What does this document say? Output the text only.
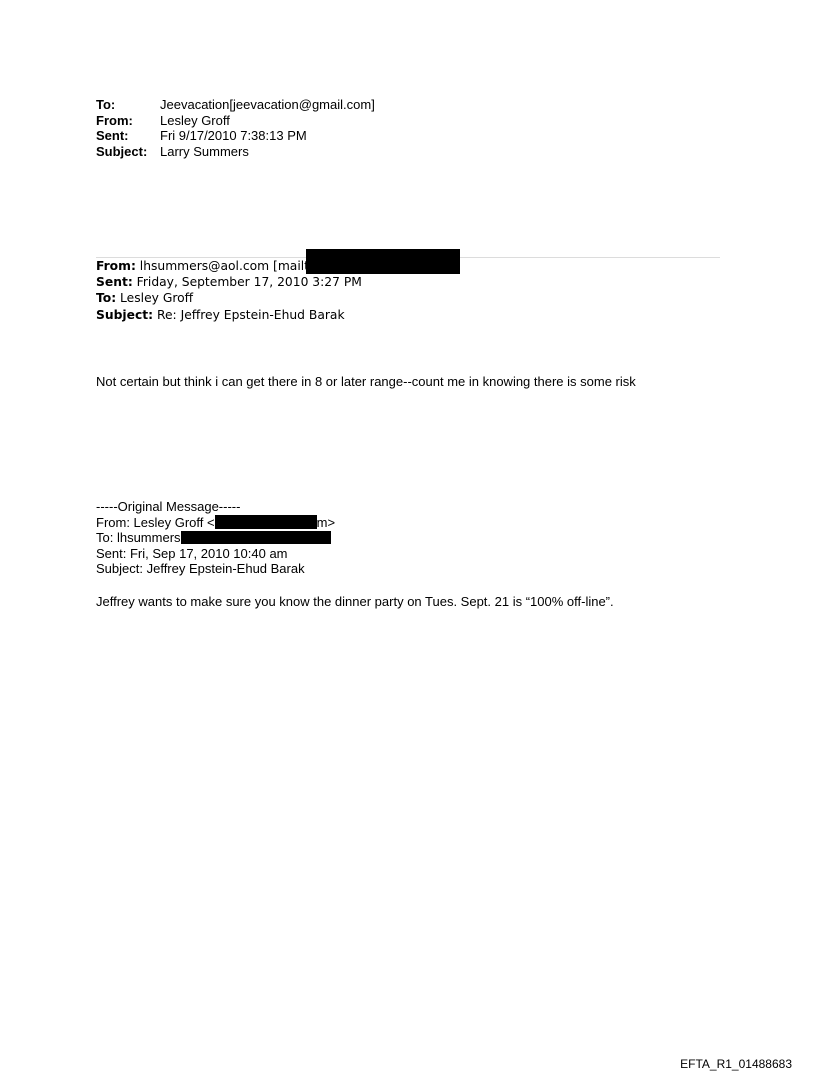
To:	Jeevacation[jeevacation@gmail.com]
From:	Lesley Groff
Sent:	Fri 9/17/2010 7:38:13 PM
Subject: Larry Summers
From: lhsummers@aol.com [mailto
Sent: Friday, September 17, 2010 3:27 PM
To: Lesley Groff
Subject: Re: Jeffrey Epstein-Ehud Barak
Not certain but think i can get there in 8 or later range--count me in knowing there is some risk
-----Original Message-----
From: Lesley Groff <	m>
To: lhsummers
Sent: Fri, Sep 17, 2010 10:40 am
Subject: Jeffrey Epstein-Ehud Barak
Jeffrey wants to make sure you know the dinner party on Tues. Sept. 21 is “100% off-line”.
EFTA_R1_01488683
